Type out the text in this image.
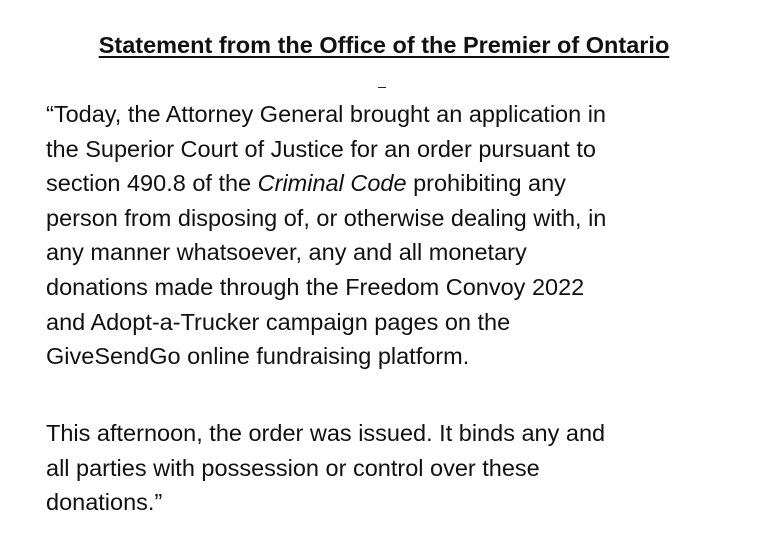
Statement from the Office of the Premier of Ontario

“Today, the Attorney General brought an application in
the Superior Court of Justice for an order pursuant to
section 490.8 of the Criminal Code prohibiting any
person from disposing of, or otherwise dealing with, in
any manner whatsoever, any and all monetary
donations made through the Freedom Convoy 2022
and Adopt-a-Trucker campaign pages on the
GiveSendGo online fundraising platform.

This afternoon, the order was issued. It binds any and
all parties with possession or control over these
donations.”
